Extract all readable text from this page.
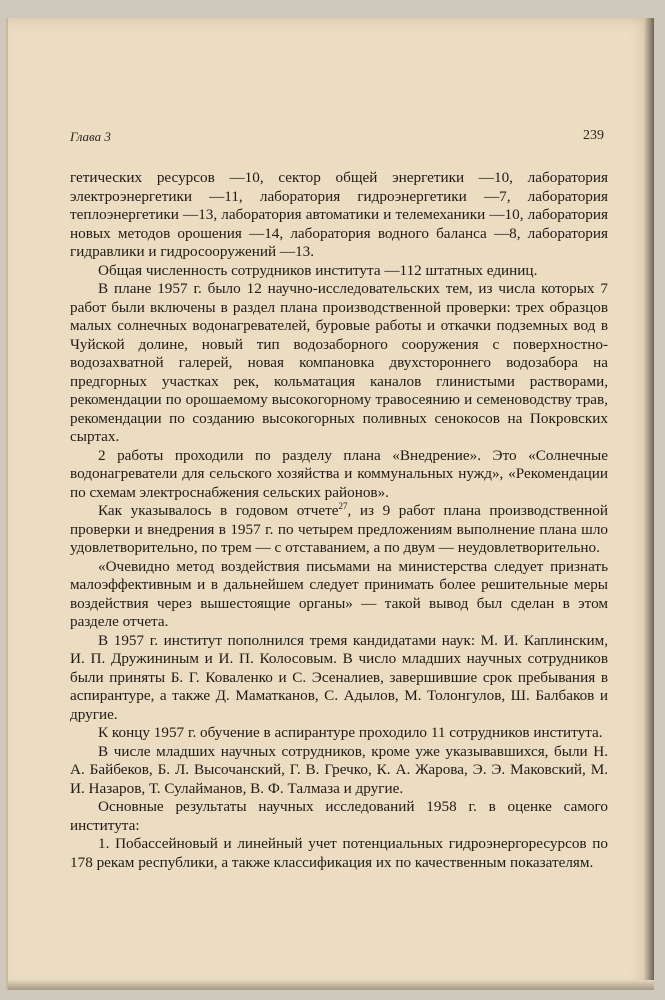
Глава 3	239

гетических ресурсов —10, сектор общей энергетики —10, лаборатория электроэнергетики —11, лаборатория гидроэнергетики —7, лаборатория теплоэнергетики —13, лаборатория автоматики и телемеханики —10, лаборатория новых методов орошения —14, лаборатория водного баланса —8, лаборатория гидравлики и гидросооружений —13.

Общая численность сотрудников института —112 штатных единиц.

В плане 1957 г. было 12 научно-исследовательских тем, из числа которых 7 работ были включены в раздел плана производственной проверки: трех образцов малых солнечных водонагревателей, буровые работы и откачки подземных вод в Чуйской долине, новый тип водозаборного сооружения с поверхностно-водозахватной галерей, новая компановка двухстороннего водозабора на предгорных участках рек, кольматация каналов глинистыми растворами, рекомендации по орошаемому высокогорному травосеянию и семеноводству трав, рекомендации по созданию высокогорных поливных сенокосов на Покровских сыртах.

2 работы проходили по разделу плана «Внедрение». Это «Солнечные водонагреватели для сельского хозяйства и коммунальных нужд», «Рекомендации по схемам электроснабжения сельских районов».

Как указывалось в годовом отчете$^{27}$, из 9 работ плана производственной проверки и внедрения в 1957 г. по четырем предложениям выполнение плана шло удовлетворительно, по трем — с отставанием, а по двум — неудовлетворительно.

«Очевидно метод воздействия письмами на министерства следует признать малоэффективным и в дальнейшем следует принимать более решительные меры воздействия через вышестоящие органы» — такой вывод был сделан в этом разделе отчета.

В 1957 г. институт пополнился тремя кандидатами наук: М. И. Каплинским, И. П. Дружининым и И. П. Колосовым. В число младших научных сотрудников были приняты Б. Г. Коваленко и С. Эсеналиев, завершившие срок пребывания в аспирантуре, а также Д. Маматканов, С. Адылов, М. Толонгулов, Ш. Балбаков и другие.

К концу 1957 г. обучение в аспирантуре проходило 11 сотрудников института.

В числе младших научных сотрудников, кроме уже указывавшихся, были Н. А. Байбеков, Б. Л. Высочанский, Г. В. Гречко, К. А. Жарова, Э. Э. Маковский, М. И. Назаров, Т. Сулайманов, В. Ф. Талмаза и другие.

Основные результаты научных исследований 1958 г. в оценке самого института:

1. Побассейновый и линейный учет потенциальных гидроэнергоресурсов по 178 рекам республики, а также классификация их по качественным показателям.
